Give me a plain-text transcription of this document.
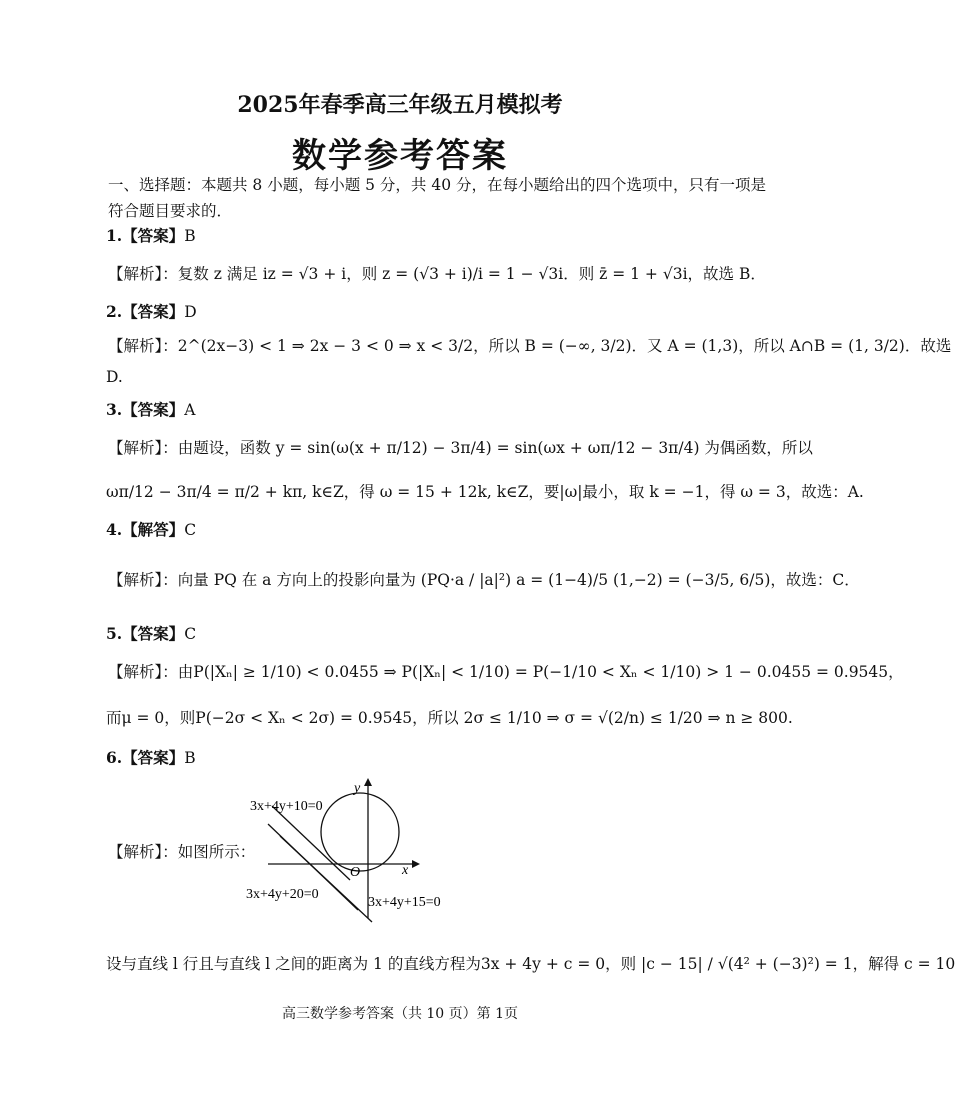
2025年春季高三年级五月模拟考
数学参考答案
一、选择题：本题共 8 小题，每小题 5 分，共 40 分，在每小题给出的四个选项中，只有一项是符合题目要求的．
1.【答案】B
【解析】：复数 z 满足 iz = √3 + i，则 z = (√3 + i)/i = 1 − √3i．则 z̄ = 1 + √3i，故选 B．
2.【答案】D
【解析】：2^(2x−3) < 1 ⇒ 2x − 3 < 0 ⇒ x < 3/2，所以 B = (−∞, 3/2)．又 A = (1,3)，所以 A∩B = (1, 3/2)．故选
D.
3.【答案】A
【解析】：由题设，函数 y = sin(ω(x + π/12) − 3π/4) = sin(ωx + ωπ/12 − 3π/4) 为偶函数，所以
ωπ/12 − 3π/4 = π/2 + kπ, k∈Z，得 ω = 15 + 12k, k∈Z，要|ω|最小，取 k = −1，得 ω = 3，故选：A.
4.【解答】C
【解析】：向量 PQ 在 a 方向上的投影向量为 (PQ·a / |a|²) a = (1−4)/5 (1,−2) = (−3/5, 6/5)，故选：C．
5.【答案】C
【解析】：由P(|Xₙ| ≥ 1/10) < 0.0455 ⇒ P(|Xₙ| < 1/10) = P(−1/10 < Xₙ < 1/10) > 1 − 0.0455 = 0.9545，
而μ = 0，则P(−2σ < Xₙ < 2σ) = 0.9545，所以 2σ ≤ 1/10 ⇒ σ = √(2/n) ≤ 1/20 ⇒ n ≥ 800.
6.【答案】B
【解析】：如图所示：
3x+4y+10=0
3x+4y+20=0
3x+4y+15=0
x
y
O
设与直线 l 行且与直线 l 之间的距离为 1 的直线方程为3x + 4y + c = 0，则 |c − 15| / √(4² + (−3)²) = 1，解得 c = 10
高三数学参考答案（共 10 页）第 1页
